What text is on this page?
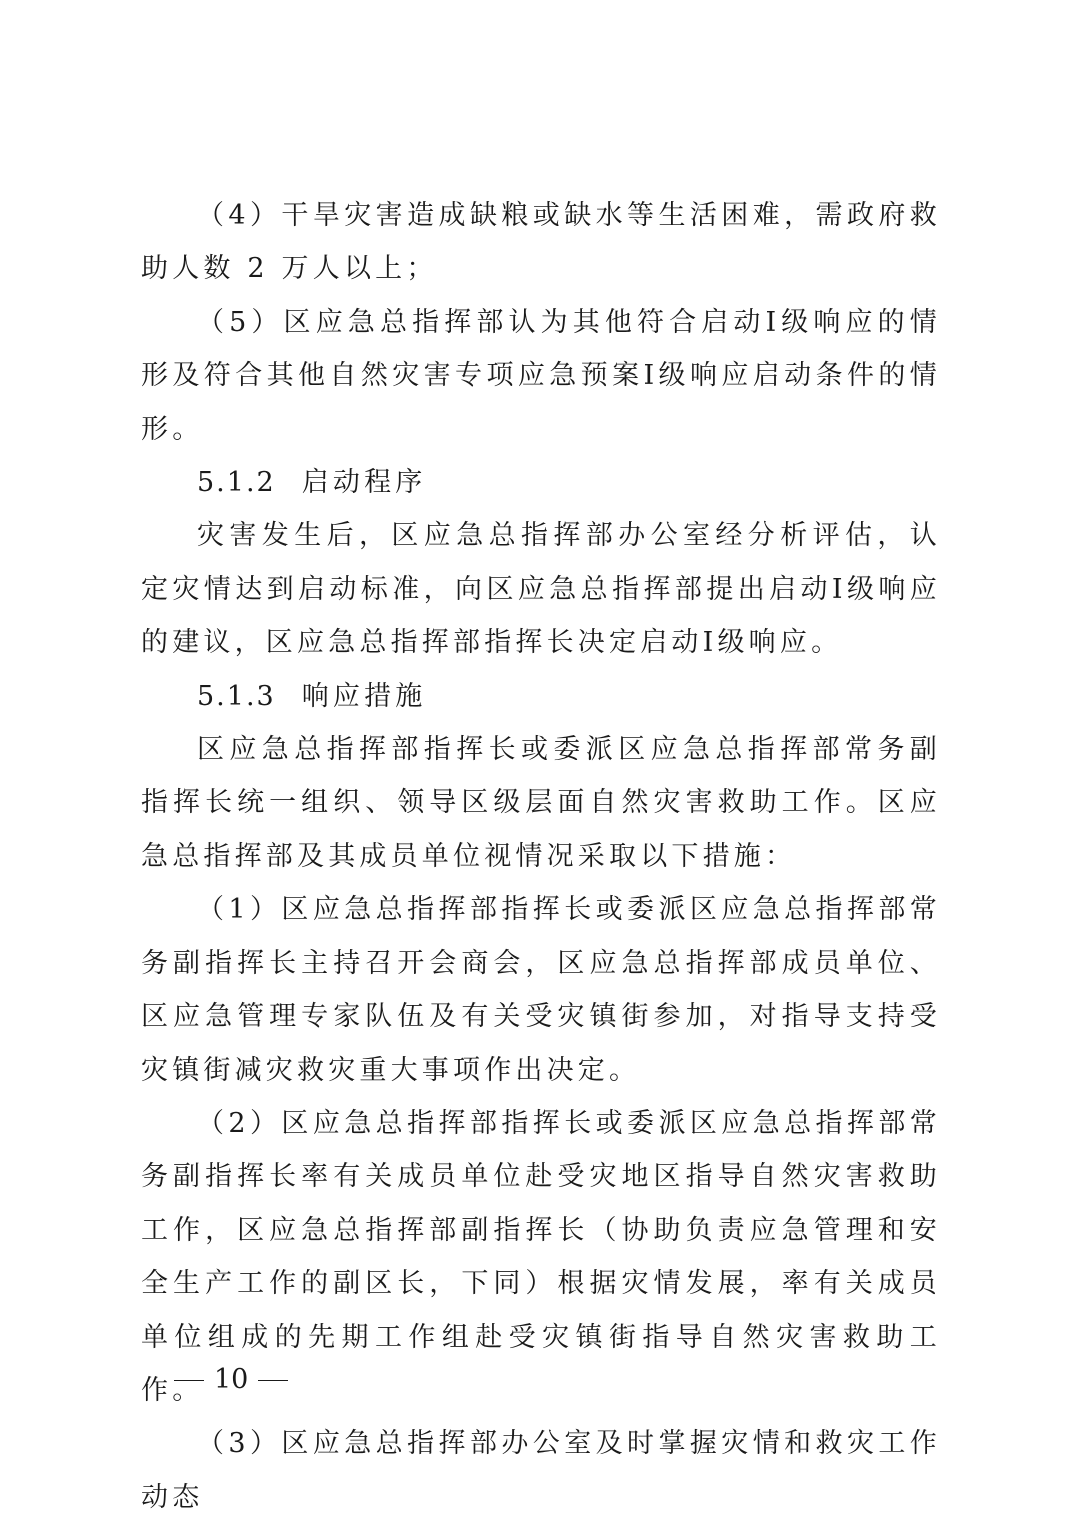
（4）干旱灾害造成缺粮或缺水等生活困难，需政府救助人数 2 万人以上；

（5）区应急总指挥部认为其他符合启动Ⅰ级响应的情形及符合其他自然灾害专项应急预案Ⅰ级响应启动条件的情形。

5.1.2 启动程序

灾害发生后，区应急总指挥部办公室经分析评估，认定灾情达到启动标准，向区应急总指挥部提出启动Ⅰ级响应的建议，区应急总指挥部指挥长决定启动Ⅰ级响应。

5.1.3 响应措施

区应急总指挥部指挥长或委派区应急总指挥部常务副指挥长统一组织、领导区级层面自然灾害救助工作。区应急总指挥部及其成员单位视情况采取以下措施：

（1）区应急总指挥部指挥长或委派区应急总指挥部常务副指挥长主持召开会商会，区应急总指挥部成员单位、区应急管理专家队伍及有关受灾镇街参加，对指导支持受灾镇街减灾救灾重大事项作出决定。

（2）区应急总指挥部指挥长或委派区应急总指挥部常务副指挥长率有关成员单位赴受灾地区指导自然灾害救助工作，区应急总指挥部副指挥长（协助负责应急管理和安全生产工作的副区长，下同）根据灾情发展，率有关成员单位组成的先期工作组赴受灾镇街指导自然灾害救助工作。

（3）区应急总指挥部办公室及时掌握灾情和救灾工作动态

10
